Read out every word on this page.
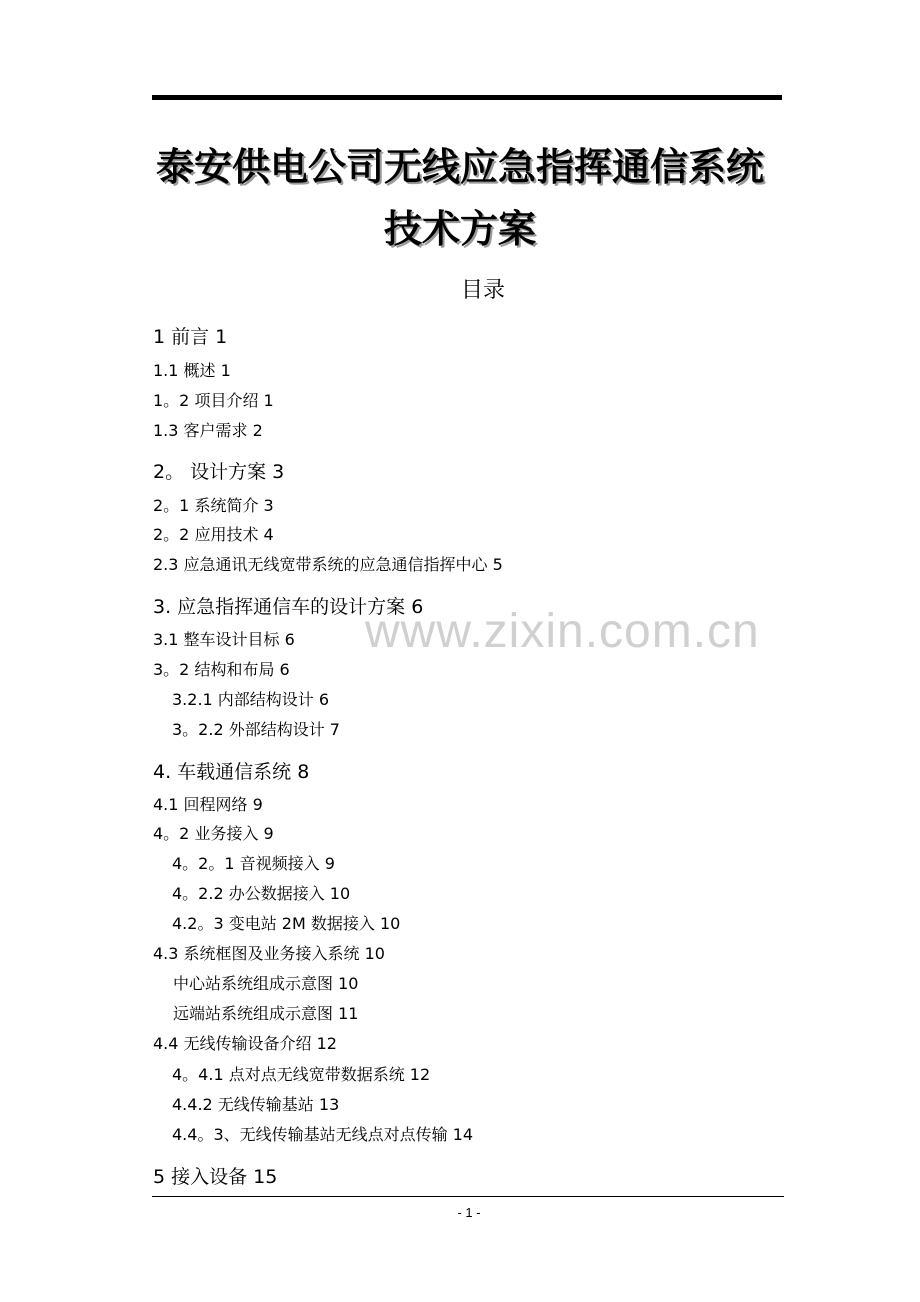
泰安供电公司无线应急指挥通信系统
技术方案
目录
www.zixin.com.cn
1 前言 1
1.1 概述 1
1。2 项目介绍 1
1.3 客户需求 2
2。 设计方案 3
2。1 系统简介 3
2。2 应用技术 4
2.3 应急通讯无线宽带系统的应急通信指挥中心 5
3. 应急指挥通信车的设计方案 6
3.1 整车设计目标 6
3。2 结构和布局 6
3.2.1 内部结构设计 6
3。2.2 外部结构设计 7
4. 车载通信系统 8
4.1 回程网络 9
4。2 业务接入 9
4。2。1 音视频接入 9
4。2.2 办公数据接入 10
4.2。3 变电站 2M 数据接入 10
4.3 系统框图及业务接入系统 10
中心站系统组成示意图 10
远端站系统组成示意图 11
4.4 无线传输设备介绍 12
4。4.1 点对点无线宽带数据系统 12
4.4.2 无线传输基站 13
4.4。3、无线传输基站无线点对点传输 14
5 接入设备 15
- 1 -
